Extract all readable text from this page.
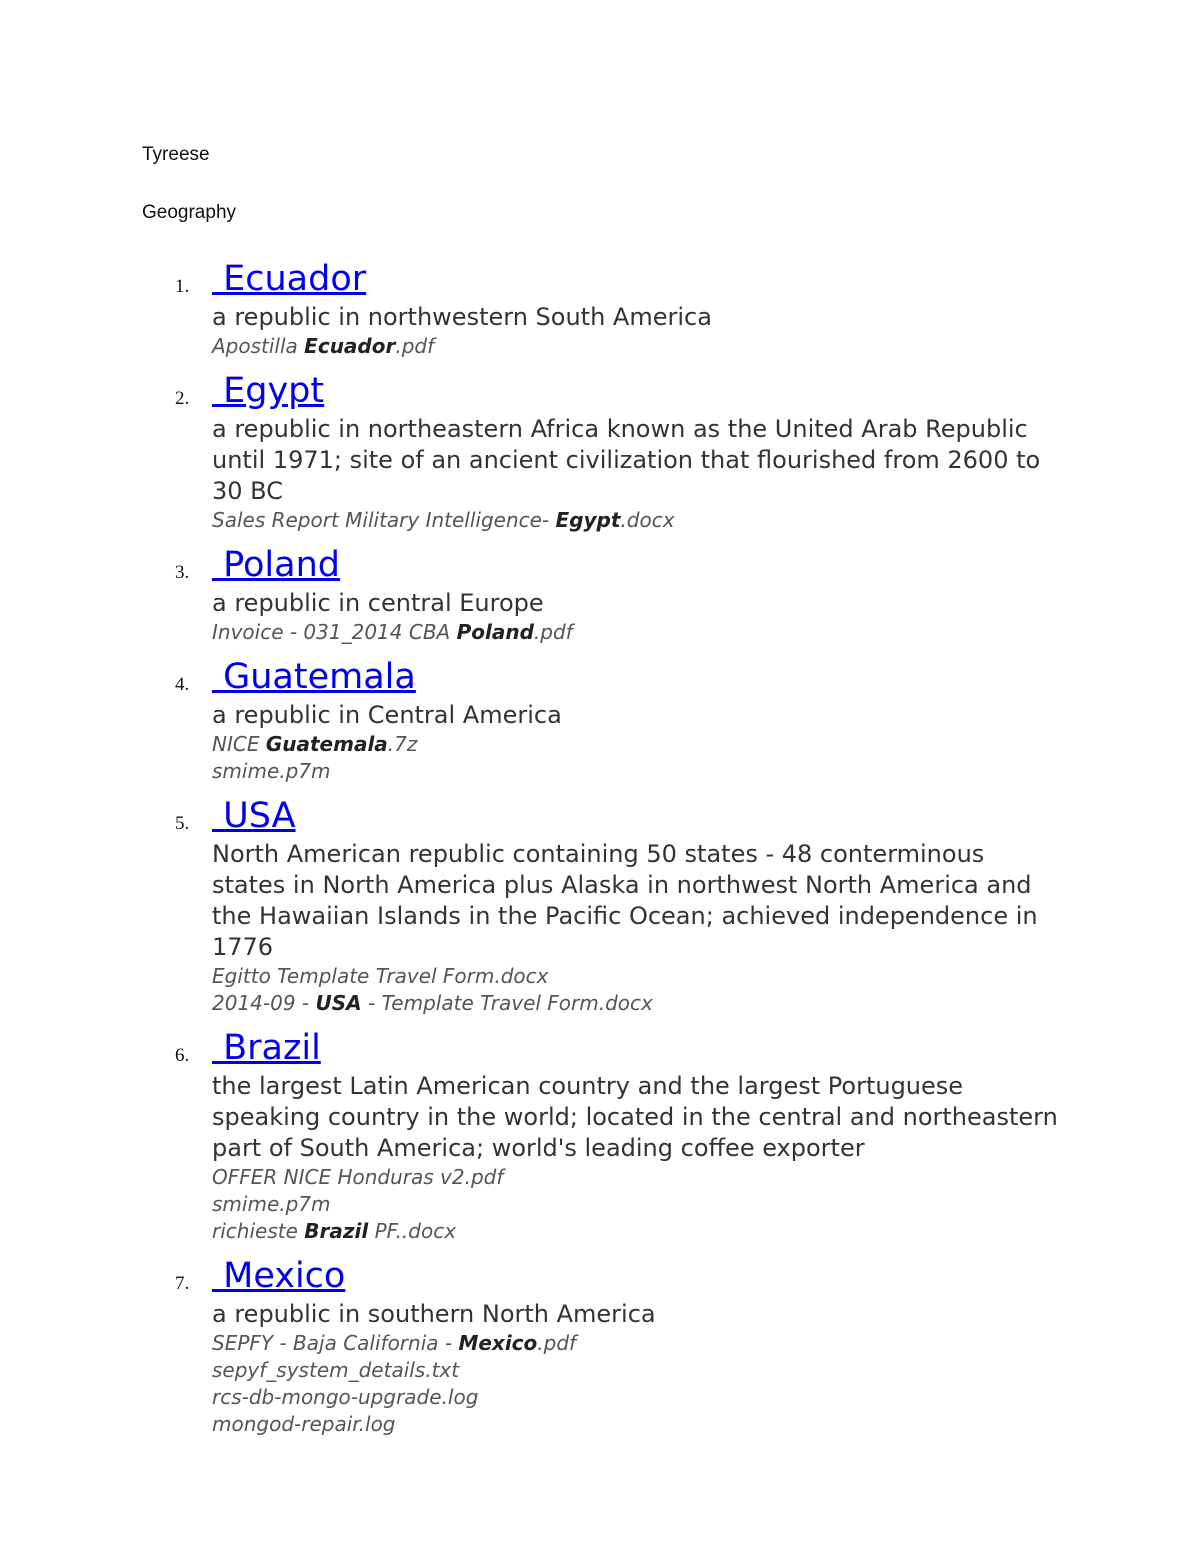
Tyreese
Geography
1. Ecuador
a republic in northwestern South America
Apostilla Ecuador.pdf
2. Egypt
a republic in northeastern Africa known as the United Arab Republic until 1971; site of an ancient civilization that flourished from 2600 to 30 BC
Sales Report Military Intelligence- Egypt.docx
3. Poland
a republic in central Europe
Invoice - 031_2014 CBA Poland.pdf
4. Guatemala
a republic in Central America
NICE Guatemala.7z
smime.p7m
5. USA
North American republic containing 50 states - 48 conterminous states in North America plus Alaska in northwest North America and the Hawaiian Islands in the Pacific Ocean; achieved independence in 1776
Egitto Template Travel Form.docx
2014-09 - USA - Template Travel Form.docx
6. Brazil
the largest Latin American country and the largest Portuguese speaking country in the world; located in the central and northeastern part of South America; world's leading coffee exporter
OFFER NICE Honduras v2.pdf
smime.p7m
richieste Brazil PF..docx
7. Mexico
a republic in southern North America
SEPFY - Baja California - Mexico.pdf
sepyf_system_details.txt
rcs-db-mongo-upgrade.log
mongod-repair.log
